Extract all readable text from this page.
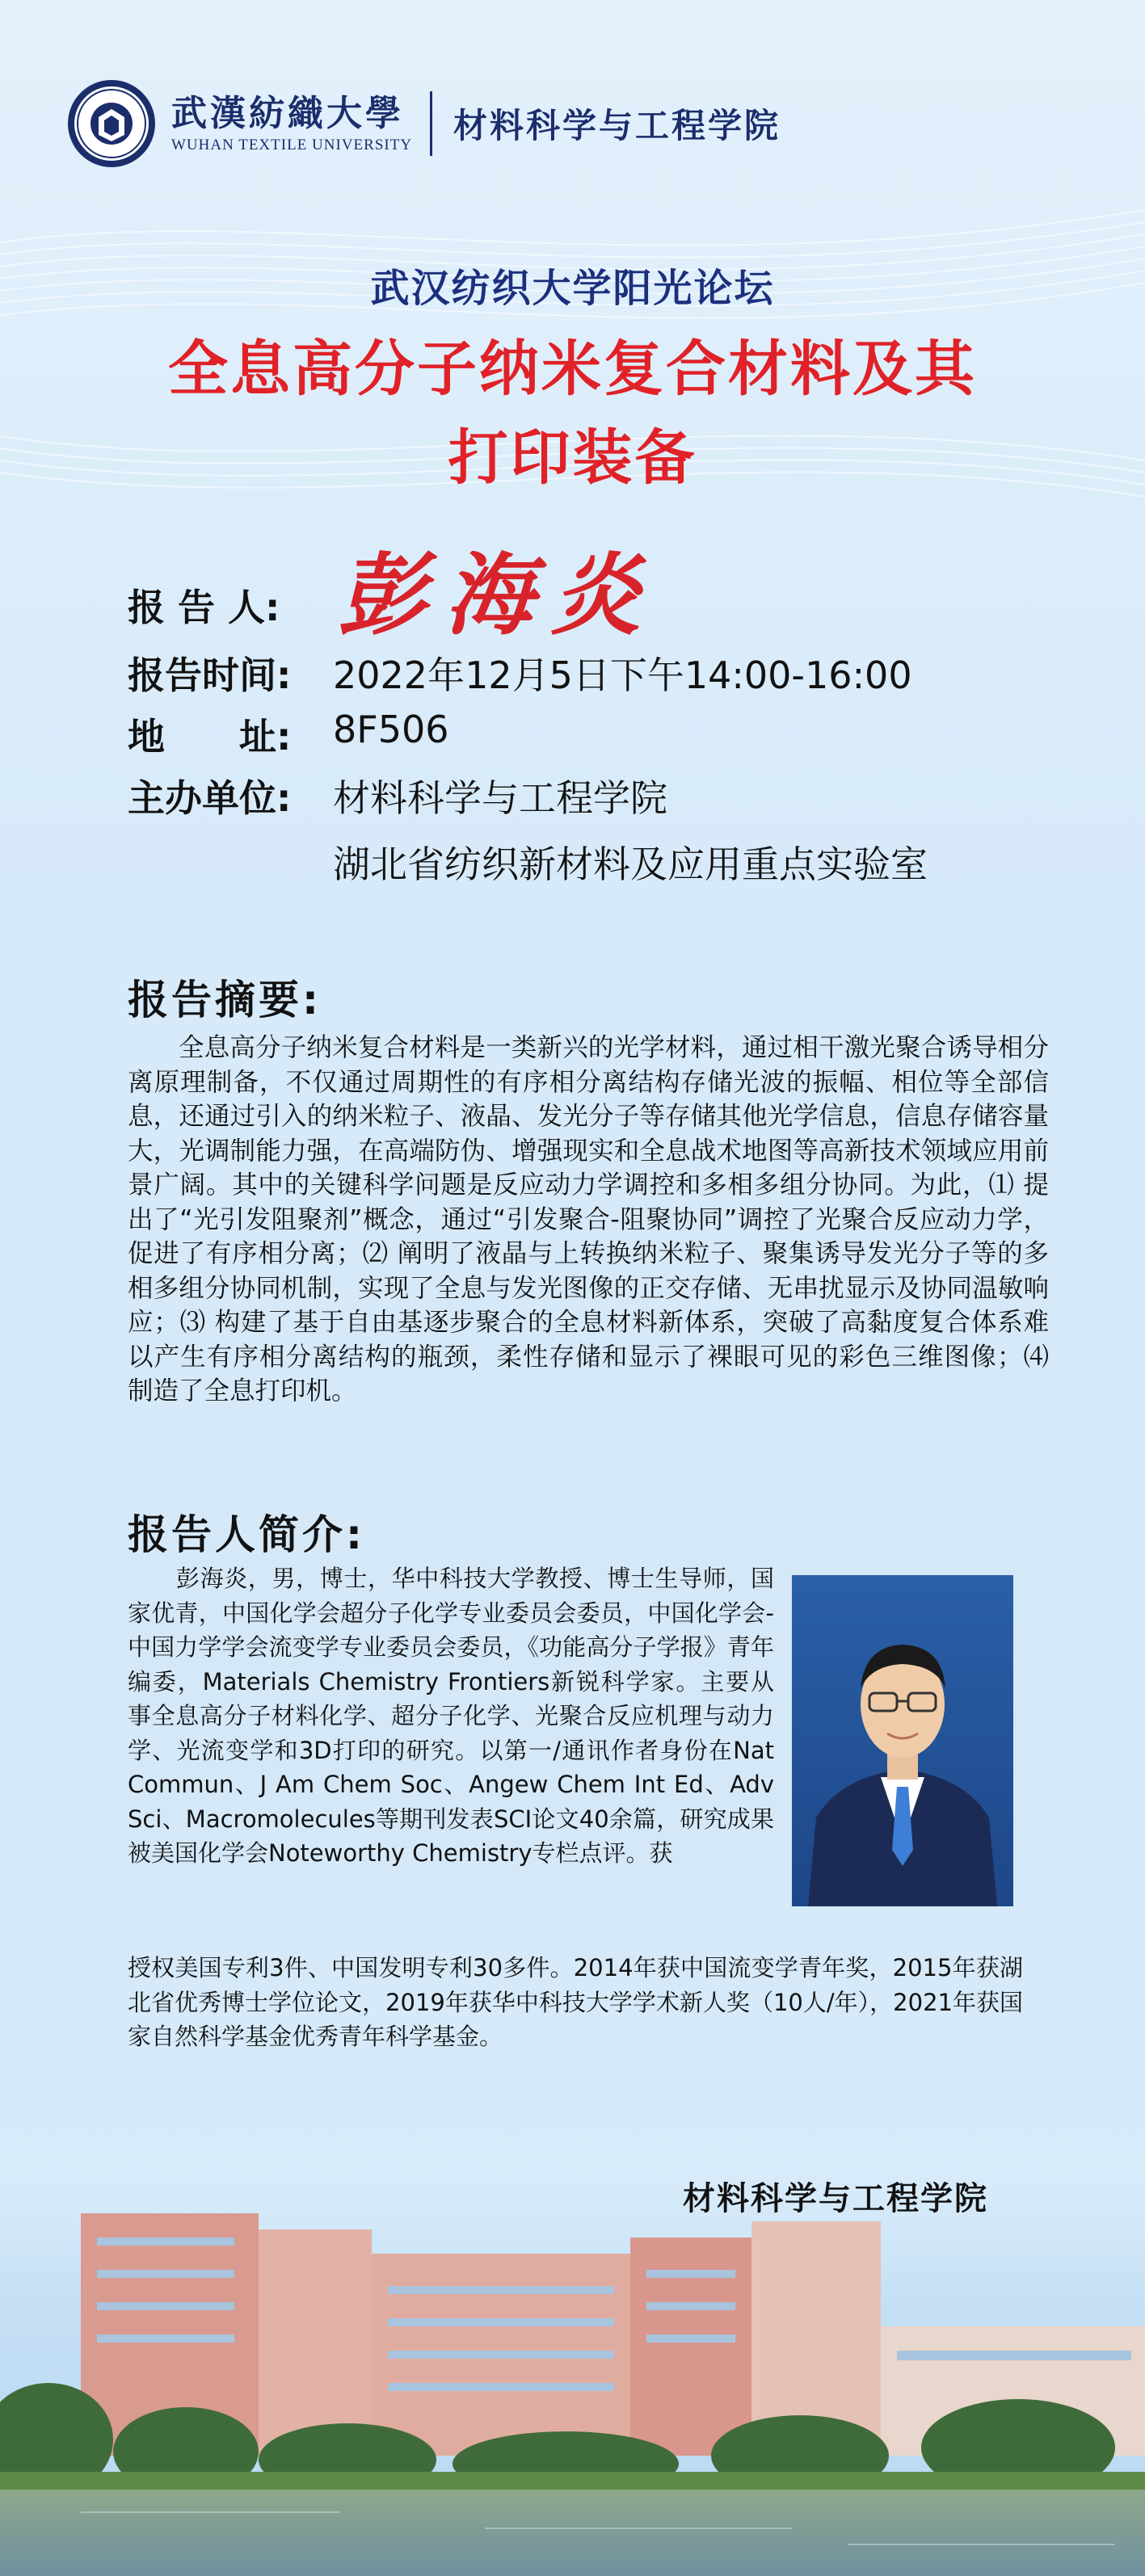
武漢紡織大學
WUHAN TEXTILE UNIVERSITY 材料科学与工程学院
武汉纺织大学阳光论坛
全息高分子纳米复合材料及其
打印装备
报 告 人: 彭海炎
报告时间: 2022年12月5日下午14:00-16:00
地　　址: 8F506
主办单位: 材料科学与工程学院
湖北省纺织新材料及应用重点实验室
报告摘要:

全息高分子纳米复合材料是一类新兴的光学材料，通过相干激光聚合诱导相分离原理制备，不仅通过周期性的有序相分离结构存储光波的振幅、相位等全部信息，还通过引入的纳米粒子、液晶、发光分子等存储其他光学信息，信息存储容量大，光调制能力强，在高端防伪、增强现实和全息战术地图等高新技术领域应用前景广阔。其中的关键科学问题是反应动力学调控和多相多组分协同。为此，⑴ 提出了“光引发阻聚剂”概念，通过“引发聚合-阻聚协同”调控了光聚合反应动力学，促进了有序相分离；⑵ 阐明了液晶与上转换纳米粒子、聚集诱导发光分子等的多相多组分协同机制，实现了全息与发光图像的正交存储、无串扰显示及协同温敏响应；⑶ 构建了基于自由基逐步聚合的全息材料新体系，突破了高黏度复合体系难以产生有序相分离结构的瓶颈，柔性存储和显示了裸眼可见的彩色三维图像；⑷ 制造了全息打印机。

报告人简介:

彭海炎，男，博士，华中科技大学教授、博士生导师，国家优青，中国化学会超分子化学专业委员会委员，中国化学会-中国力学学会流变学专业委员会委员，《功能高分子学报》青年编委，Materials Chemistry Frontiers新锐科学家。主要从事全息高分子材料化学、超分子化学、光聚合反应机理与动力学、光流变学和3D打印的研究。以第一/通讯作者身份在Nat Commun、J Am Chem Soc、Angew Chem Int Ed、Adv Sci、Macromolecules等期刊发表SCI论文40余篇，研究成果被美国化学会Noteworthy Chemistry专栏点评。获

授权美国专利3件、中国发明专利30多件。2014年获中国流变学青年奖，2015年获湖北省优秀博士学位论文，2019年获华中科技大学学术新人奖（10人/年），2021年获国家自然科学基金优秀青年科学基金。

材料科学与工程学院
